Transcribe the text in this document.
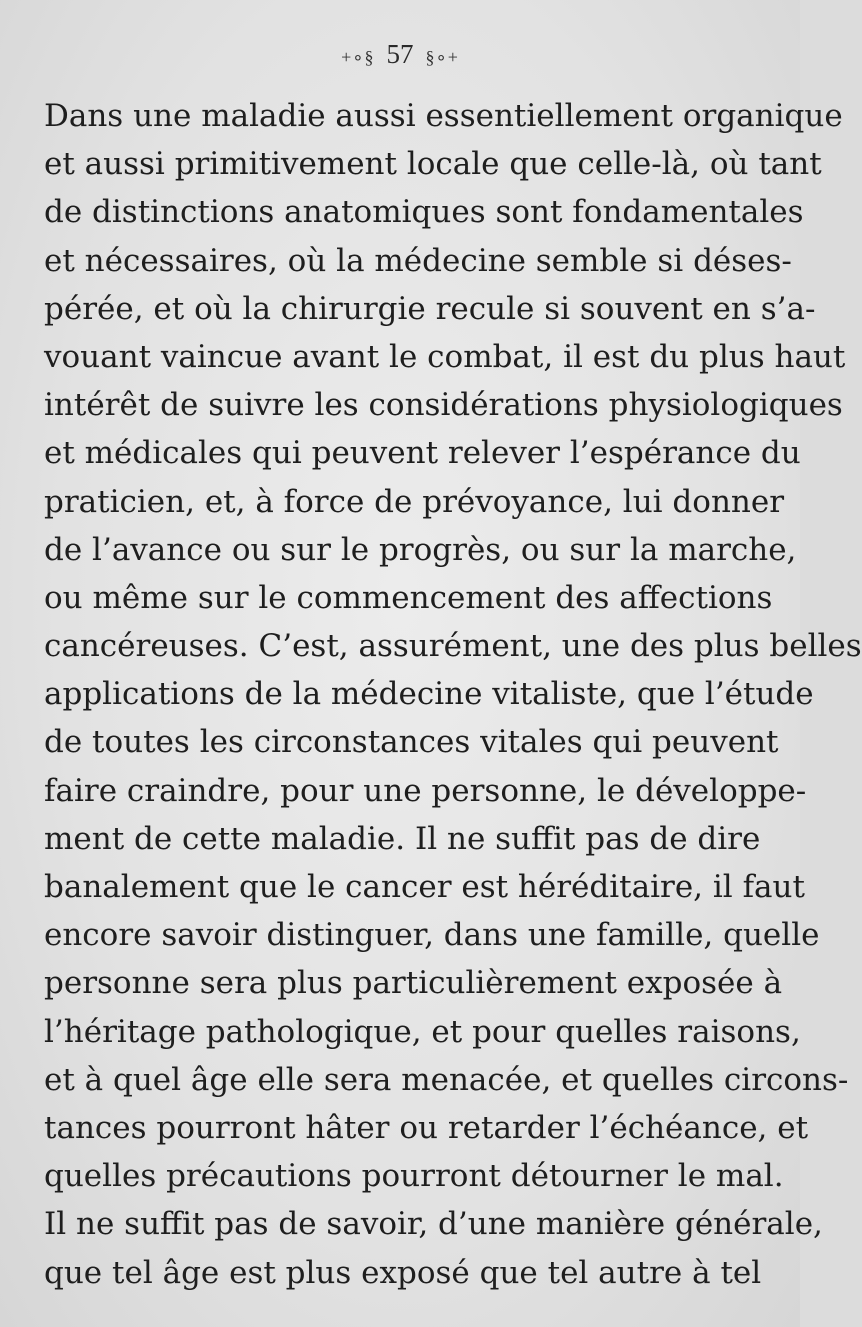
+∘§ 57 §∘+
Dans une maladie aussi essentiellement organique
et aussi primitivement locale que celle-là, où tant
de distinctions anatomiques sont fondamentales
et nécessaires, où la médecine semble si déses-
pérée, et où la chirurgie recule si souvent en s’a-
vouant vaincue avant le combat, il est du plus haut
intérêt de suivre les considérations physiologiques
et médicales qui peuvent relever l’espérance du
praticien, et, à force de prévoyance, lui donner
de l’avance ou sur le progrès, ou sur la marche,
ou même sur le commencement des affections
cancéreuses. C’est, assurément, une des plus belles
applications de la médecine vitaliste, que l’étude
de toutes les circonstances vitales qui peuvent
faire craindre, pour une personne, le développe-
ment de cette maladie. Il ne suffit pas de dire
banalement que le cancer est héréditaire, il faut
encore savoir distinguer, dans une famille, quelle
personne sera plus particulièrement exposée à
l’héritage pathologique, et pour quelles raisons,
et à quel âge elle sera menacée, et quelles circons-
tances pourront hâter ou retarder l’échéance, et
quelles précautions pourront détourner le mal.
Il ne suffit pas de savoir, d’une manière générale,
que tel âge est plus exposé que tel autre à tel
